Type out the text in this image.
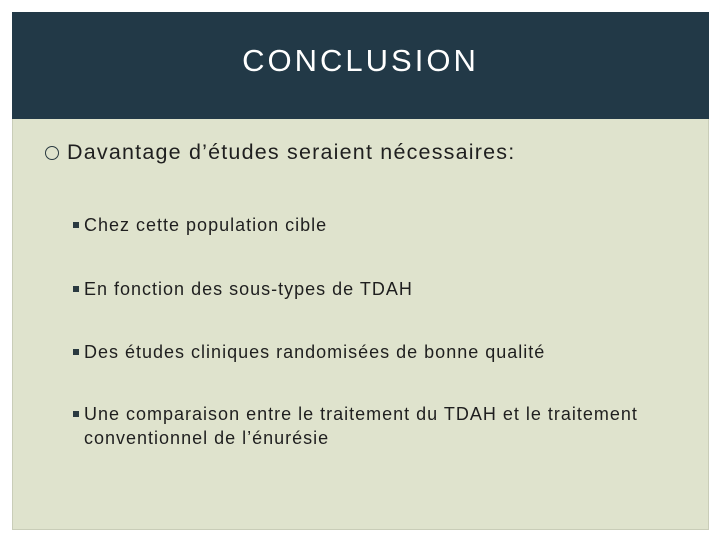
CONCLUSION
Davantage d’études seraient nécessaires:
Chez cette population cible
En fonction des sous-types de TDAH
Des études cliniques randomisées de bonne qualité
Une comparaison entre le traitement du TDAH et le traitement conventionnel de l’énurésie
